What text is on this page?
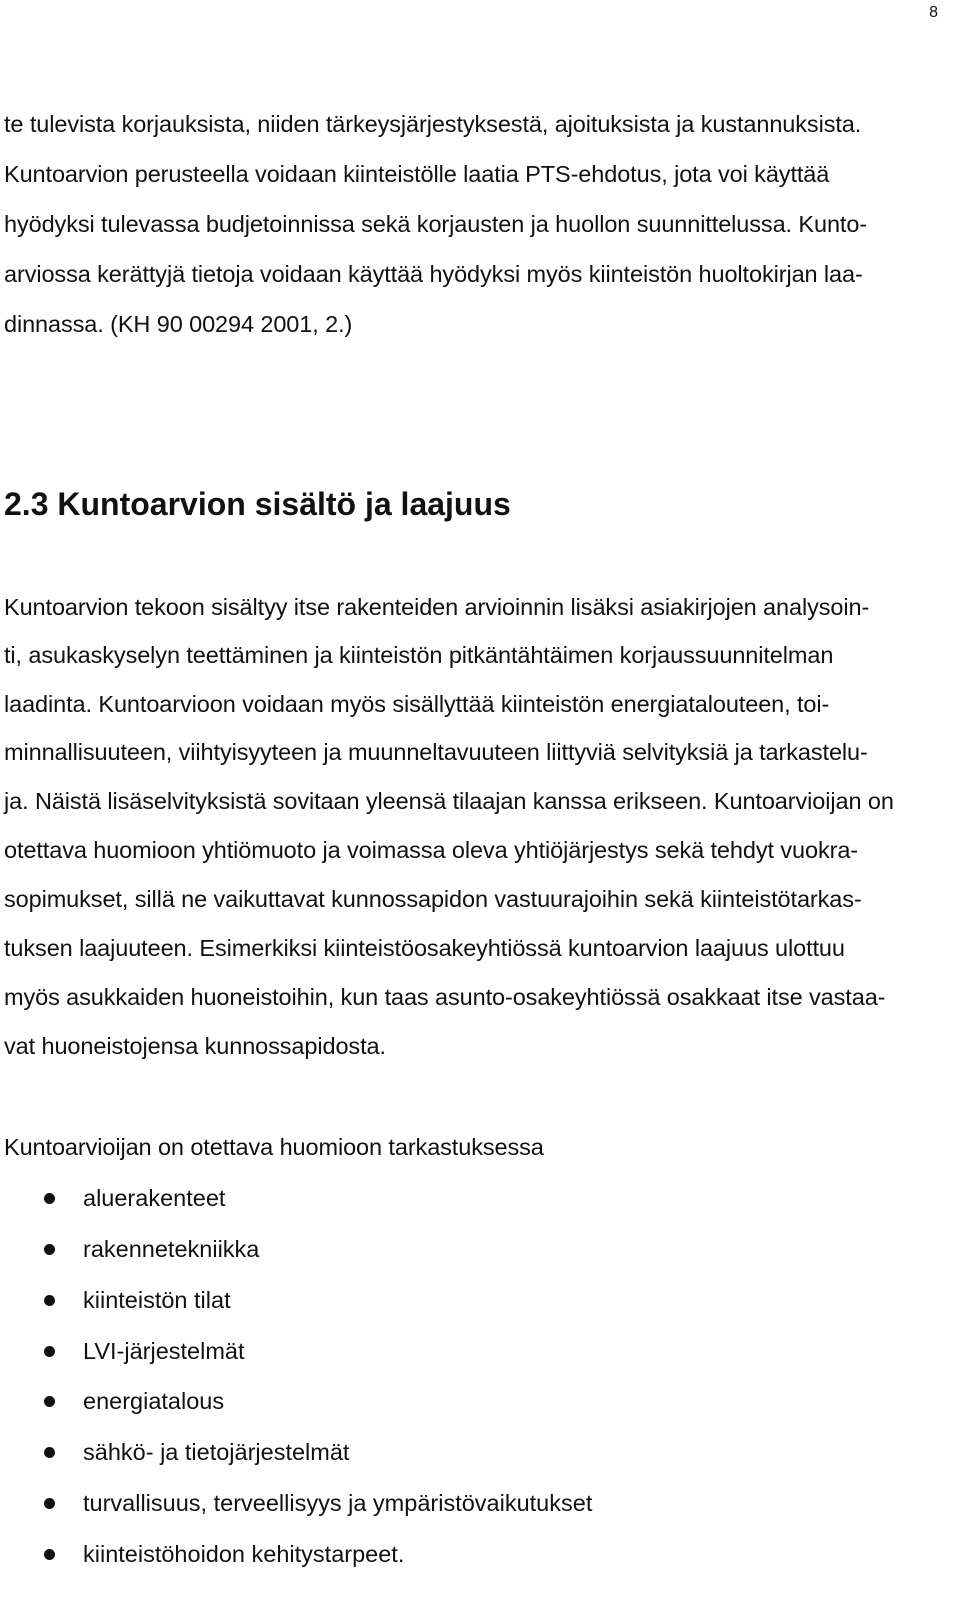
8
te tulevista korjauksista, niiden tärkeysjärjestyksestä, ajoituksista ja kustannuksista.
Kuntoarvion perusteella voidaan kiinteistölle laatia PTS-ehdotus, jota voi käyttää
hyödyksi tulevassa budjetoinnissa sekä korjausten ja huollon suunnittelussa. Kunto-
arviossa kerättyjä tietoja voidaan käyttää hyödyksi myös kiinteistön huoltokirjan laa-
dinnassa. (KH 90 00294 2001, 2.)
2.3 Kuntoarvion sisältö ja laajuus
Kuntoarvion tekoon sisältyy itse rakenteiden arvioinnin lisäksi asiakirjojen analysoin-
ti, asukaskyselyn teettäminen ja kiinteistön pitkäntähtäimen korjaussuunnitelman
laadinta. Kuntoarvioon voidaan myös sisällyttää kiinteistön energiatalouteen, toi-
minnallisuuteen, viihtyisyyteen ja muunneltavuuteen liittyviä selvityksiä ja tarkastelu-
ja. Näistä lisäselvityksistä sovitaan yleensä tilaajan kanssa erikseen. Kuntoarvioijan on
otettava huomioon yhtiömuoto ja voimassa oleva yhtiöjärjestys sekä tehdyt vuokra-
sopimukset, sillä ne vaikuttavat kunnossapidon vastuurajoihin sekä kiinteistötarkas-
tuksen laajuuteen. Esimerkiksi kiinteistöosakeyhtiössä kuntoarvion laajuus ulottuu
myös asukkaiden huoneistoihin, kun taas asunto-osakeyhtiössä osakkaat itse vastaa-
vat huoneistojensa kunnossapidosta.
Kuntoarvioijan on otettava huomioon tarkastuksessa
aluerakenteet
rakennetekniikka
kiinteistön tilat
LVI-järjestelmät
energiatalous
sähkö- ja tietojärjestelmät
turvallisuus, terveellisyys ja ympäristövaikutukset
kiinteistöhoidon kehitystarpeet.
